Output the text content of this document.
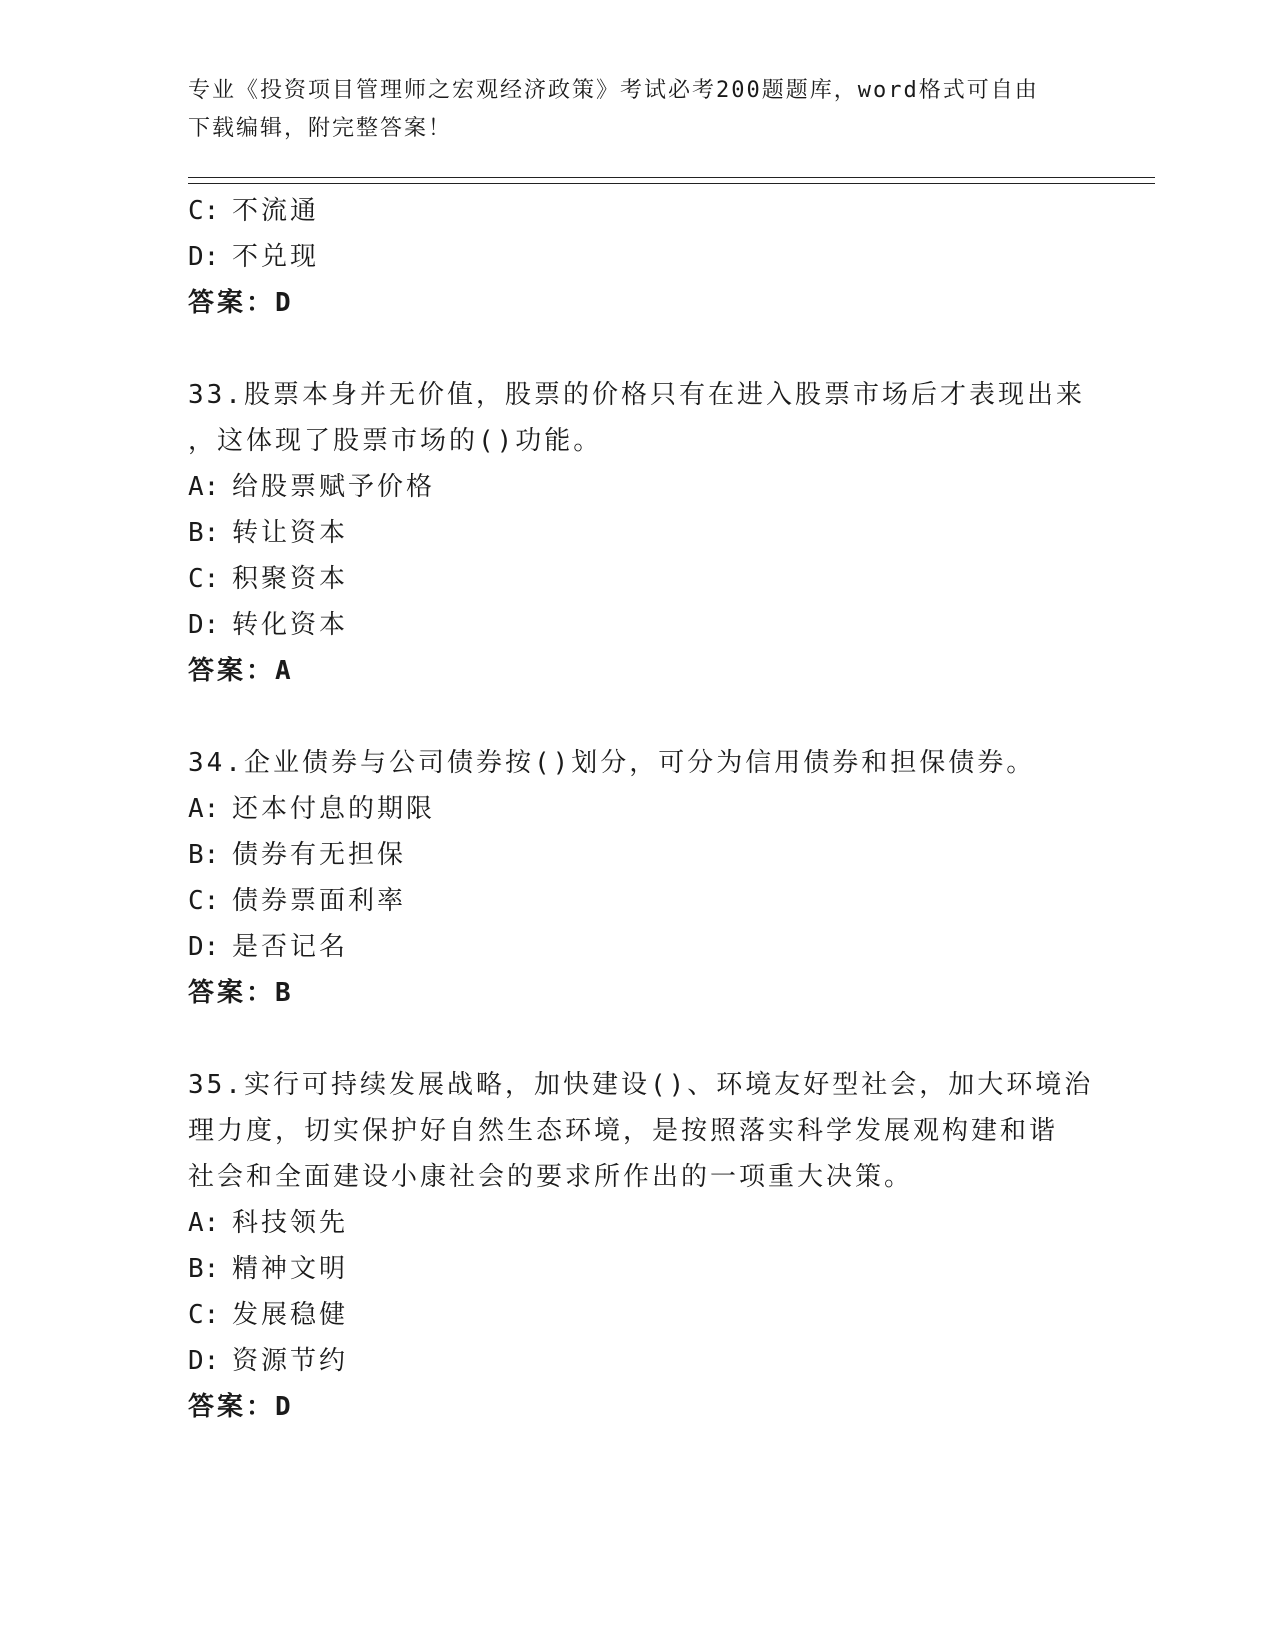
专业《投资项目管理师之宏观经济政策》考试必考200题题库，word格式可自由
下载编辑，附完整答案！
C: 不流通
D: 不兑现
答案：D
33.股票本身并无价值，股票的价格只有在进入股票市场后才表现出来
，这体现了股票市场的()功能。
A: 给股票赋予价格
B: 转让资本
C: 积聚资本
D: 转化资本
答案：A
34.企业债券与公司债券按()划分，可分为信用债券和担保债券。
A: 还本付息的期限
B: 债券有无担保
C: 债券票面利率
D: 是否记名
答案：B
35.实行可持续发展战略，加快建设()、环境友好型社会，加大环境治
理力度，切实保护好自然生态环境，是按照落实科学发展观构建和谐
社会和全面建设小康社会的要求所作出的一项重大决策。
A: 科技领先
B: 精神文明
C: 发展稳健
D: 资源节约
答案：D
